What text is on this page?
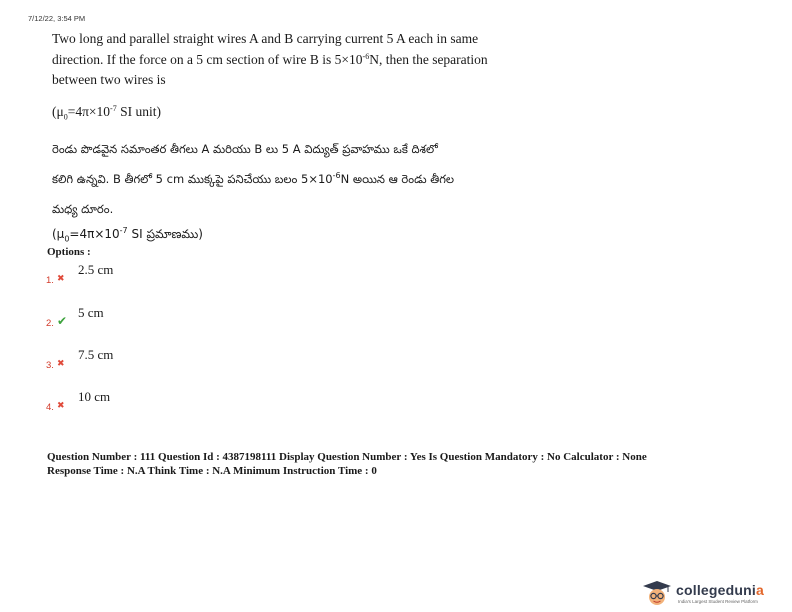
7/12/22, 3:54 PM

Two long and parallel straight wires A and B carrying current 5 A each in same
direction. If the force on a 5 cm section of wire B is $5\times 10^{-6}N$, then the separation
between two wires is

($\mu_0=4\pi\times 10^{-7}$ SI unit)

రెండు పొడవైన సమాంతర తీగలు A మరియు B లు 5 A విద్యుత్ ప్రవాహము ఒకే దిశలో
కలిగి ఉన్నవి. B తీగలో 5 cm ముక్కపై పనిచేయు బలం $5\times 10^{-6}N$ అయిన ఆ రెండు తీగల
మధ్య దూరం.

($\mu_0=4\pi\times 10^{-7}$ SI ప్రమాణము)

Options :
2.5 cm
1. ✖
5 cm
2. ✔
7.5 cm
3. ✖
10 cm
4. ✖
Question Number : 111 Question Id : 4387198111 Display Question Number : Yes Is Question Mandatory : No Calculator : None
Response Time : N.A Think Time : N.A Minimum Instruction Time : 0
collegedunia
India's Largest Student Review Platform
